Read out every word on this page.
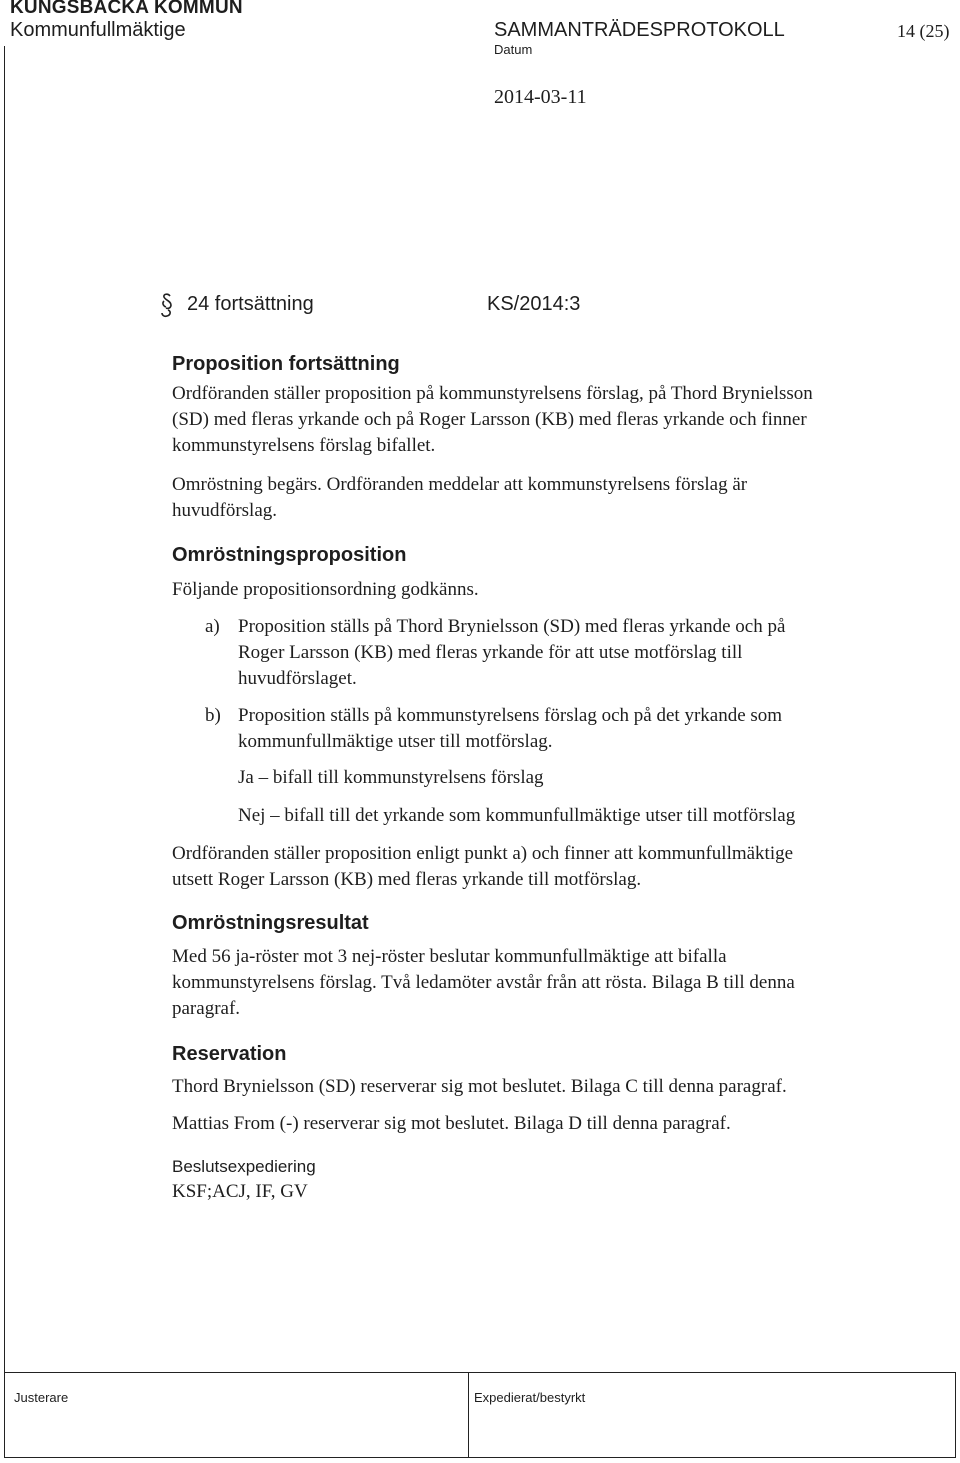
KUNGSBACKA KOMMUN
Kommunfullmäktige	SAMMANTRÄDESPROTOKOLL	14 (25)
Datum
2014-03-11
24 fortsättning	KS/2014:3
Proposition fortsättning

Ordföranden ställer proposition på kommunstyrelsens förslag, på Thord Brynielsson

(SD) med fleras yrkande och på Roger Larsson (KB) med fleras yrkande och finner

kommunstyrelsens förslag bifallet.

Omröstning begärs. Ordföranden meddelar att kommunstyrelsens förslag är

huvudförslag.

Omröstningsproposition
Följande propositionsordning godkänns.
a) Proposition ställs på Thord Brynielsson (SD) med fleras yrkande och på
Roger Larsson (KB) med fleras yrkande för att utse motförslag till
huvudförslaget.
b) Proposition ställs på kommunstyrelsens förslag och på det yrkande som
kommunfullmäktige utser till motförslag.
Ja – bifall till kommunstyrelsens förslag
Nej – bifall till det yrkande som kommunfullmäktige utser till motförslag

Ordföranden ställer proposition enligt punkt a) och finner att kommunfullmäktige

utsett Roger Larsson (KB) med fleras yrkande till motförslag.

Omröstningsresultat

Med 56 ja-röster mot 3 nej-röster beslutar kommunfullmäktige att bifalla

kommunstyrelsens förslag. Två ledamöter avstår från att rösta. Bilaga B till denna

paragraf.

Reservation
Thord Brynielsson (SD) reserverar sig mot beslutet. Bilaga C till denna paragraf.
Mattias From (-) reserverar sig mot beslutet. Bilaga D till denna paragraf.
Beslutsexpediering
KSF;ACJ, IF, GV
Justerare	Expedierat/bestyrkt
